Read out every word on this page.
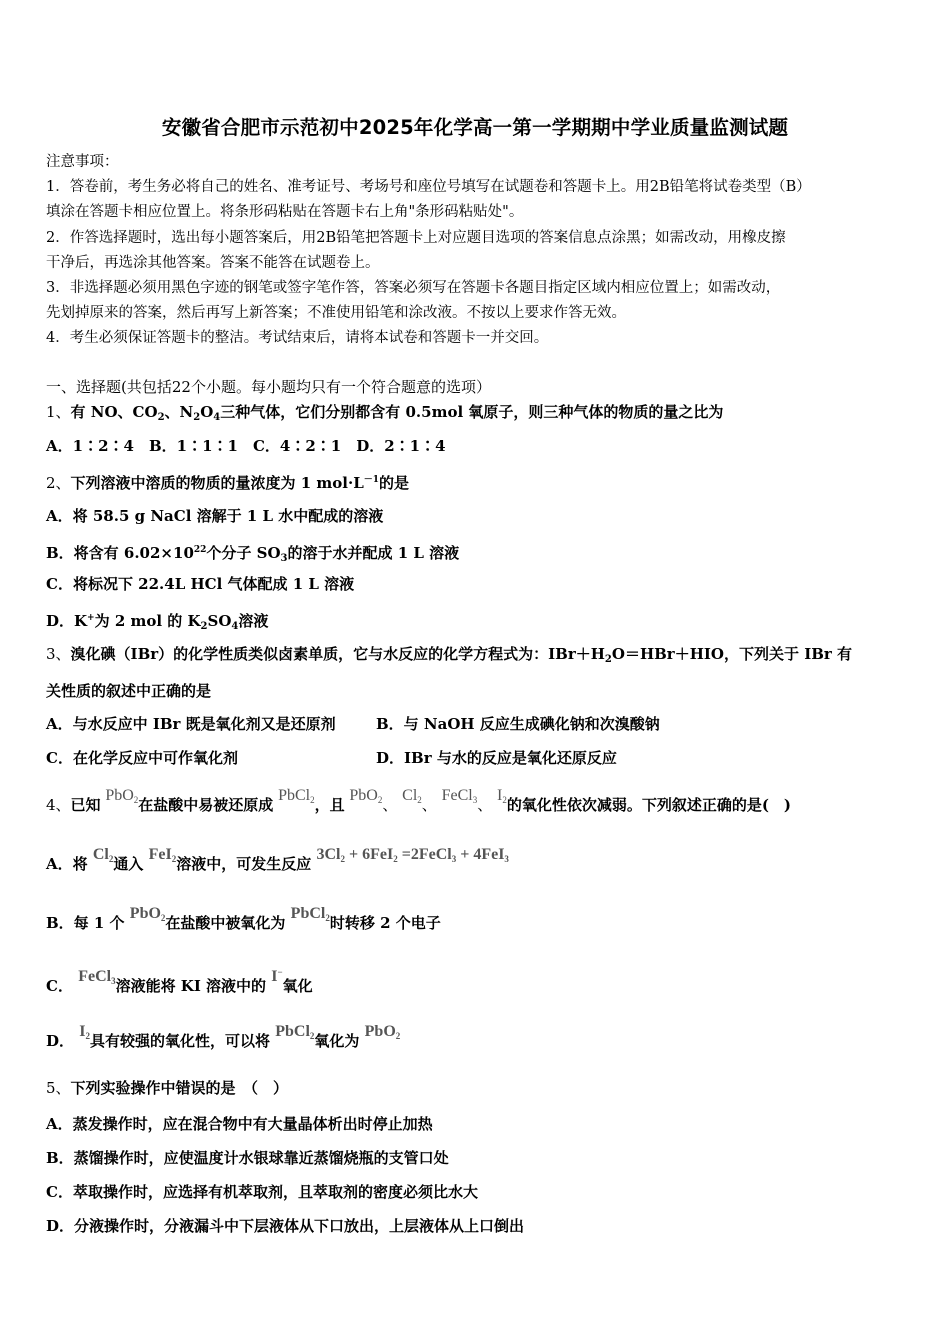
安徽省合肥市示范初中2025年化学高一第一学期期中学业质量监测试题
注意事项：
1．答卷前，考生务必将自己的姓名、准考证号、考场号和座位号填写在试题卷和答题卡上。用2B铅笔将试卷类型（B）
填涂在答题卡相应位置上。将条形码粘贴在答题卡右上角"条形码粘贴处"。
2．作答选择题时，选出每小题答案后，用2B铅笔把答题卡上对应题目选项的答案信息点涂黑；如需改动，用橡皮擦
干净后，再选涂其他答案。答案不能答在试题卷上。
3．非选择题必须用黑色字迹的钢笔或签字笔作答，答案必须写在答题卡各题目指定区域内相应位置上；如需改动，
先划掉原来的答案，然后再写上新答案；不准使用铅笔和涂改液。不按以上要求作答无效。
4．考生必须保证答题卡的整洁。考试结束后，请将本试卷和答题卡一并交回。
一、选择题(共包括22个小题。每小题均只有一个符合题意的选项）
1、有 NO、$CO_2$、$N_2O_4$三种气体，它们分别都含有 0.5mol 氧原子，则三种气体的物质的量之比为
A．1∶2∶4　B．1∶1∶1　C．4∶2∶1　D．2∶1∶4
2、下列溶液中溶质的物质的量浓度为 1 $mol\cdot L^{-1}$的是
A．将 58.5 g NaCl 溶解于 1 L 水中配成的溶液
B．将含有 $6.02\times 10^{22}$个分子 $SO_3$的溶于水并配成 1 L 溶液
C．将标况下 22.4L HCl 气体配成 1 L 溶液
D．K+为 2 mol 的 $K_2SO_4$溶液
3、溴化碘（IBr）的化学性质类似卤素单质，它与水反应的化学方程式为：$IBr+H_2O=HBr+HIO$，下列关于 IBr 有
关性质的叙述中正确的是
A．与水反应中 IBr 既是氧化剂又是还原剂	B．与 NaOH 反应生成碘化钠和次溴酸钠
C．在化学反应中可作氧化剂	D．IBr 与水的反应是氧化还原反应
4、已知 PbO$_2$在盐酸中易被还原成 PbCl$_2$，且 PbO$_2$、 $Cl_2$、 FeCl$_3$、 $I_2$的氧化性依次减弱。下列叙述正确的是(　)
A．将 $Cl_2$通入 FeI$_2$溶液中，可发生反应 $3Cl_2 + 6FeI_2$ =2FeCl$_3$ + 4FeI$_3$
B．每 1 个 PbO$_2$在盐酸中被氧化为 PbCl$_2$时转移 2 个电子
C． FeCl$_3$溶液能将 KI 溶液中的 I−氧化
D． $I_2$具有较强的氧化性，可以将 PbCl$_2$氧化为 PbO$_2$
5、下列实验操作中错误的是　（　）
A．蒸发操作时，应在混合物中有大量晶体析出时停止加热
B．蒸馏操作时，应使温度计水银球靠近蒸馏烧瓶的支管口处
C．萃取操作时，应选择有机萃取剂，且萃取剂的密度必须比水大
D．分液操作时，分液漏斗中下层液体从下口放出，上层液体从上口倒出
